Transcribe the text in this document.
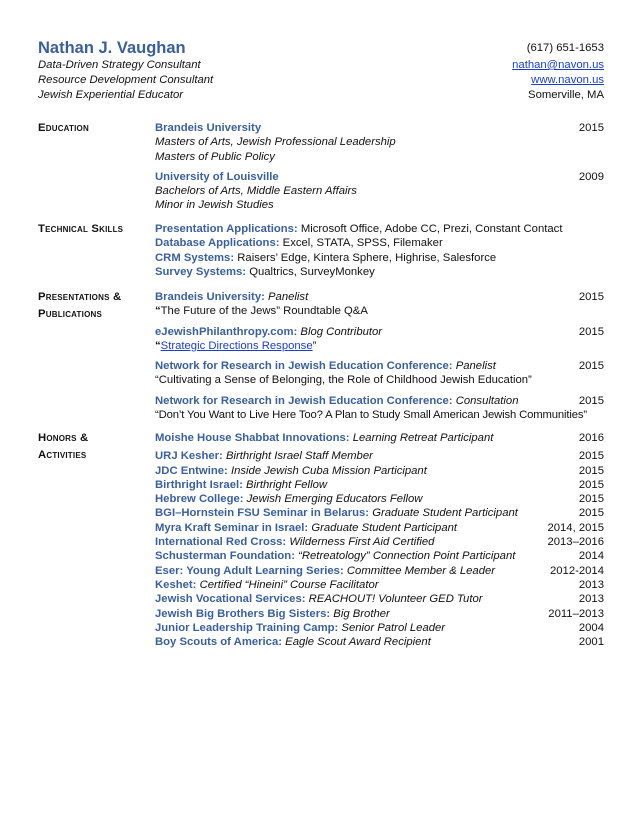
Nathan J. Vaughan	(617) 651-1653
Data-Driven Strategy Consultant	nathan@navon.us
Resource Development Consultant	www.navon.us
Jewish Experiential Educator	Somerville, MA
Education	Brandeis University	2015
Masters of Arts, Jewish Professional Leadership
Masters of Public Policy
University of Louisville	2009
Bachelors of Arts, Middle Eastern Affairs
Minor in Jewish Studies
Technical Skills	Presentation Applications: Microsoft Office, Adobe CC, Prezi, Constant Contact
Database Applications: Excel, STATA, SPSS, Filemaker
CRM Systems: Raisers’ Edge, Kintera Sphere, Highrise, Salesforce
Survey Systems: Qualtrics, SurveyMonkey
Presentations &
Publications
Brandeis University: Panelist	2015
“The Future of the Jews” Roundtable Q&A
eJewishPhilanthropy.com: Blog Contributor	2015
“Strategic Directions Response”
Network for Research in Jewish Education Conference: Panelist	2015
“Cultivating a Sense of Belonging, the Role of Childhood Jewish Education”
Network for Research in Jewish Education Conference: Consultation	2015
“Don’t You Want to Live Here Too? A Plan to Study Small American Jewish Communities”
Honors &
Activities
Moishe House Shabbat Innovations: Learning Retreat Participant	2016
URJ Kesher: Birthright Israel Staff Member	2015
JDC Entwine: Inside Jewish Cuba Mission Participant	2015
Birthright Israel: Birthright Fellow	2015
Hebrew College: Jewish Emerging Educators Fellow	2015
BGI–Hornstein FSU Seminar in Belarus: Graduate Student Participant	2015
Myra Kraft Seminar in Israel: Graduate Student Participant	2014, 2015
International Red Cross: Wilderness First Aid Certified	2013–2016
Schusterman Foundation: “Retreatology” Connection Point Participant	2014
Eser: Young Adult Learning Series: Committee Member & Leader	2012-2014
Keshet: Certified “Hineini” Course Facilitator	2013
Jewish Vocational Services: REACHOUT! Volunteer GED Tutor	2013
Jewish Big Brothers Big Sisters: Big Brother	2011–2013
Junior Leadership Training Camp: Senior Patrol Leader	2004
Boy Scouts of America: Eagle Scout Award Recipient	2001
